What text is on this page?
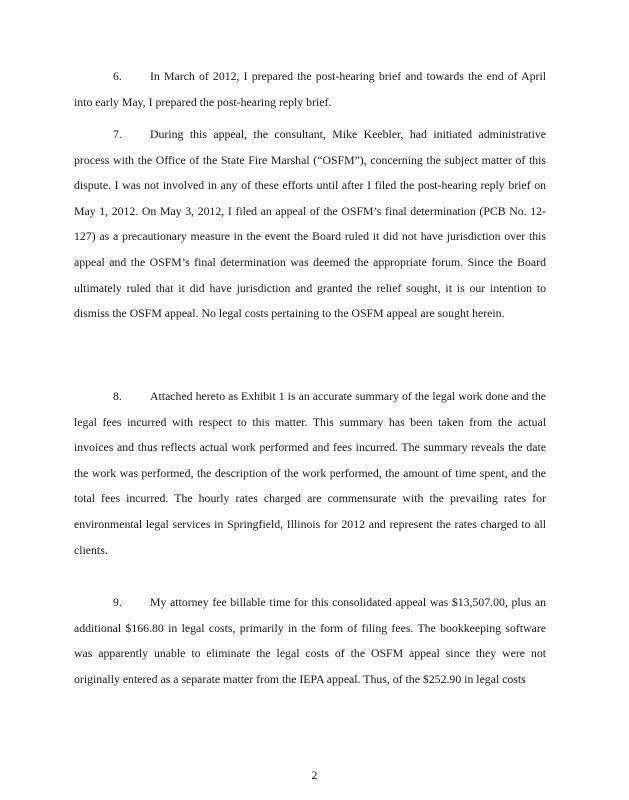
6. In March of 2012, I prepared the post-hearing brief and towards the end of April into early May, I prepared the post-hearing reply brief.

7. During this appeal, the consultant, Mike Keebler, had initiated administrative process with the Office of the State Fire Marshal (“OSFM”), concerning the subject matter of this dispute. I was not involved in any of these efforts until after I filed the post-hearing reply brief on May 1, 2012. On May 3, 2012, I filed an appeal of the OSFM’s final determination (PCB No. 12-127) as a precautionary measure in the event the Board ruled it did not have jurisdiction over this appeal and the OSFM’s final determination was deemed the appropriate forum. Since the Board ultimately ruled that it did have jurisdiction and granted the relief sought, it is our intention to dismiss the OSFM appeal. No legal costs pertaining to the OSFM appeal are sought herein.

8. Attached hereto as Exhibit 1 is an accurate summary of the legal work done and the legal fees incurred with respect to this matter. This summary has been taken from the actual invoices and thus reflects actual work performed and fees incurred. The summary reveals the date the work was performed, the description of the work performed, the amount of time spent, and the total fees incurred. The hourly rates charged are commensurate with the prevailing rates for environmental legal services in Springfield, Illinois for 2012 and represent the rates charged to all clients.

9. My attorney fee billable time for this consolidated appeal was $13,507.00, plus an additional $166.80 in legal costs, primarily in the form of filing fees. The bookkeeping software was apparently unable to eliminate the legal costs of the OSFM appeal since they were not originally entered as a separate matter from the IEPA appeal. Thus, of the $252.90 in legal costs

2
